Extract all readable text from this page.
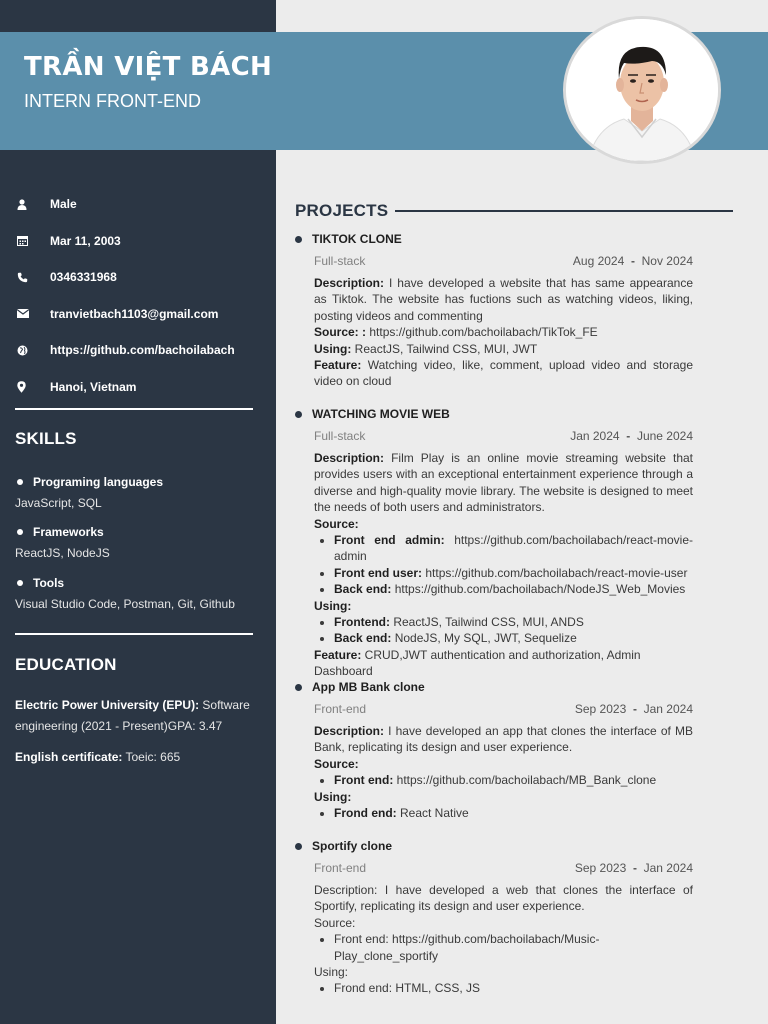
TRẦN VIỆT BÁCH
INTERN FRONT-END
Male
Mar 11, 2003
0346331968
tranvietbach1103@gmail.com
https://github.com/bachoilabach
Hanoi, Vietnam
SKILLS
Programing languages
JavaScript, SQL
Frameworks
ReactJS, NodeJS
Tools
Visual Studio Code, Postman, Git, Github
EDUCATION
Electric Power University (EPU): Software engineering (2021 - Present)GPA: 3.47
English certificate: Toeic: 665
PROJECTS
TIKTOK CLONE
Full-stack	Aug 2024 - Nov 2024
Description: I have developed a website that has same appearance as Tiktok. The website has fuctions such as watching videos, liking, posting videos and commenting
Source: : https://github.com/bachoilabach/TikTok_FE
Using: ReactJS, Tailwind CSS, MUI, JWT
Feature: Watching video, like, comment, upload video and storage video on cloud
WATCHING MOVIE WEB
Full-stack	Jan 2024 - June 2024
Description: Film Play is an online movie streaming website that provides users with an exceptional entertainment experience through a diverse and high-quality movie library. The website is designed to meet the needs of both users and administrators.
Source:
• Front end admin: https://github.com/bachoilabach/react-movie-admin
• Front end user: https://github.com/bachoilabach/react-movie-user
• Back end: https://github.com/bachoilabach/NodeJS_Web_Movies
Using:
• Frontend: ReactJS, Tailwind CSS, MUI, ANDS
• Back end: NodeJS, My SQL, JWT, Sequelize
Feature: CRUD,JWT authentication and authorization, Admin Dashboard
App MB Bank clone
Front-end	Sep 2023 - Jan 2024
Description: I have developed an app that clones the interface of MB Bank, replicating its design and user experience.
Source:
• Front end: https://github.com/bachoilabach/MB_Bank_clone
Using:
• Frond end: React Native
Sportify clone
Front-end	Sep 2023 - Jan 2024
Description: I have developed a web that clones the interface of Sportify, replicating its design and user experience.
Source:
• Front end: https://github.com/bachoilabach/Music-Play_clone_sportify
Using:
• Frond end: HTML, CSS, JS
